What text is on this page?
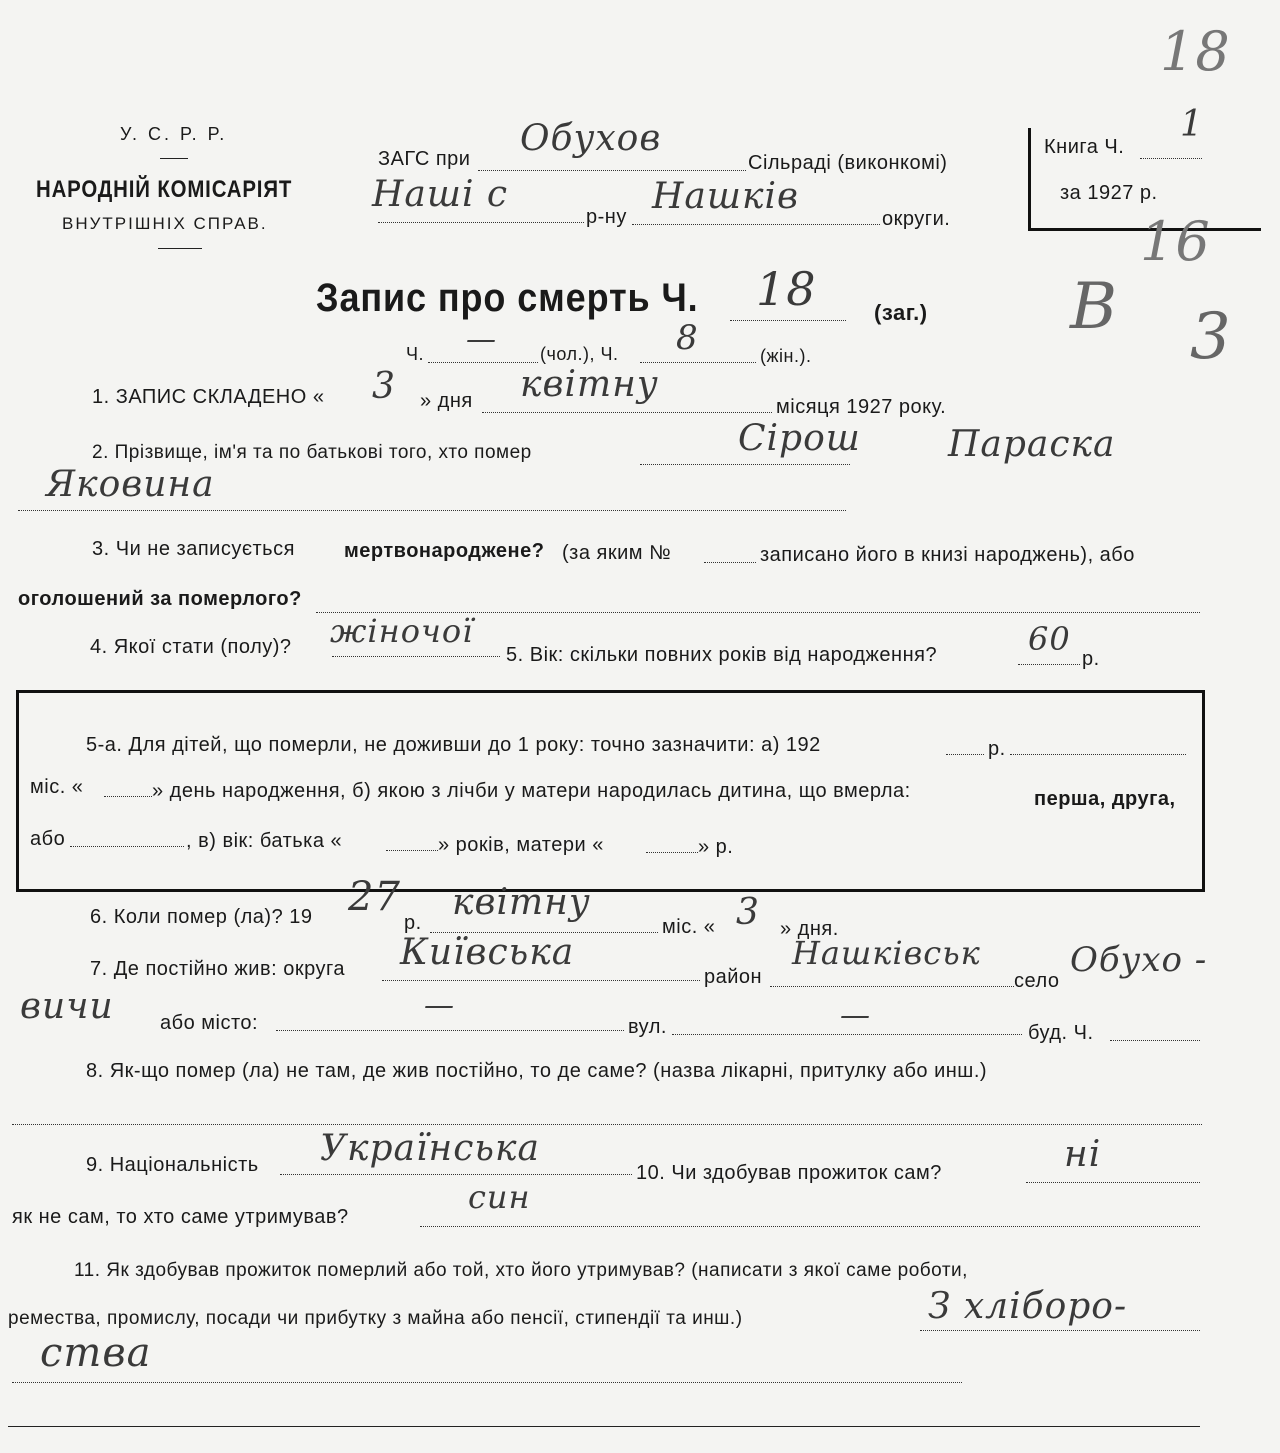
У. С. Р. Р.
НАРОДНІЙ КОМІСАРІЯТ
ВНУТРІШНІХ СПРАВ.
18
ЗАГС при Обухов
Сільраді (виконкомі)
Наші с
р-ну Нашків
округи.
Книга Ч.
1
за 1927 р.
16
В 3
Запис про смерть Ч. 18	(заг.)
Ч. — (чол.), Ч. 8	(жін.).
1. ЗАПИС СКЛАДЕНО « 3 » дня квітну
місяця 1927 року.
2. Прізвище, ім'я та по батькові того, хто помер	Сірош Параска
Яковина
3. Чи не записується мертвонароджене? (за яким №	записано його в книзі народжень), або
оголошений за померлого?
4. Якої стати (полу)? жіночої
5. Вік: скільки повних років від народження?	60
р.
5-а. Для дітей, що померли, не доживши до 1 року: точно зазначити: а) 192	р.
міс. «	» день народження, б) якою з лічби у матери народилась дитина, що вмерла:	перша, друга,
або	, в) вік: батька «	» років, матери «	» р.
6. Коли помер (ла)? 19 27
р. квітну
міс. « 3 » дня.
7. Де постійно жив: округа Київська
район
Нашківськ
село
Обухо -
вичи або місто:	—
вул.	—	буд. Ч.
8. Як-що помер (ла) не там, де жив постійно, то де саме? (назва лікарні, притулку або инш.)
9. Національність Українська
10. Чи здобував прожиток сам?	ні
як не сам, то хто саме утримував?
син
11. Як здобував прожиток померлий або той, хто його утримував? (написати з якої саме роботи,
ремества, промислу, посади чи прибутку з майна або пенсії, стипендії та инш.)	З хліборо-
ства
